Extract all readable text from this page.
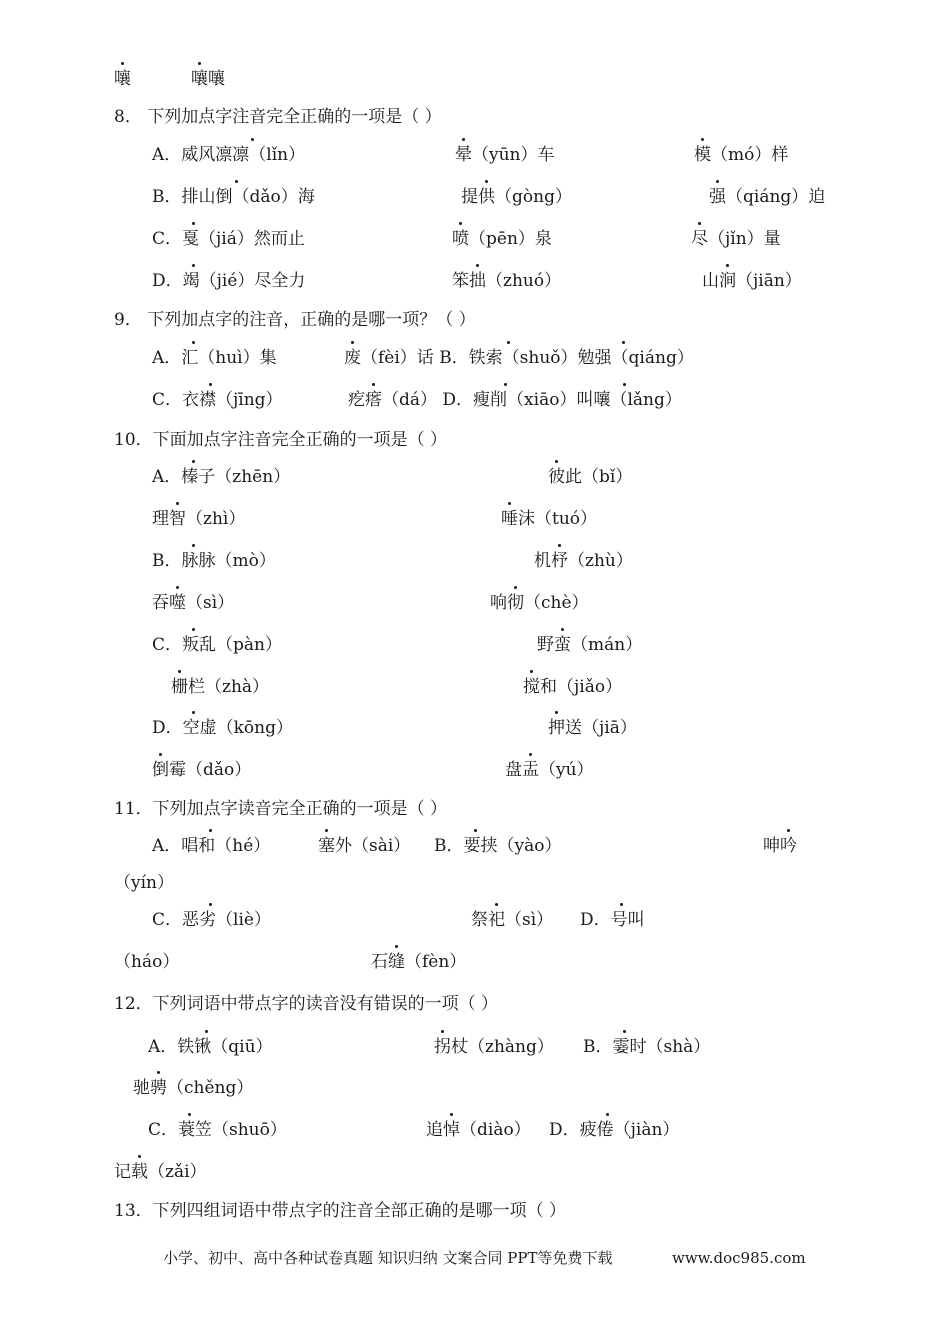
嚷	嚷嚷
8． 下列加点字注音完全正确的一项是（ ）
A．威风凛凛（lǐn）	晕（yūn）车	模（mó）样
B．排山倒（dǎo）海	提供（gòng）	强（qiáng）迫
C．戛（jiá）然而止	喷（pēn）泉	尽（jǐn）量
D．竭（jié）尽全力	笨拙（zhuó）	山涧（jiān）
9． 下列加点字的注音，正确的是哪一项？（ ）
A．汇（huì）集	废（fèi）话 B．铁索（shuǒ）勉强（qiáng）
C．衣襟（jīng）	疙瘩（dá） D．瘦削（xiāo）叫嚷（lǎng）
10．下面加点字注音完全正确的一项是（ ）
A．榛子（zhēn）	彼此（bǐ）
理智（zhì）	唾沫（tuó）
B．脉脉（mò）	机杼（zhù）
吞噬（sì）	响彻（chè）
C．叛乱（pàn）	野蛮（mán）
栅栏（zhà）	搅和（jiǎo）
D．空虚（kōng）	押送（jiā）
倒霉（dǎo）	盘盂（yú）
11．下列加点字读音完全正确的一项是（ ）
A．唱和（hé）	塞外（sài） B．要挟（yào）	呻吟
（yín）
C．恶劣（liè）	祭祀（sì） D．号叫
（háo）	石缝（fèn）
12．下列词语中带点字的读音没有错误的一项（ ）
A．铁锹（qiū）	拐杖（zhàng） B．霎时（shà）
驰骋（chěng）
C．蓑笠（shuō）	追悼（diào） D．疲倦（jiàn）
记载（zǎi）
13．下列四组词语中带点字的注音全部正确的是哪一项（ ）
小学、初中、高中各种试卷真题 知识归纳 文案合同 PPT等免费下载	www.doc985.com
